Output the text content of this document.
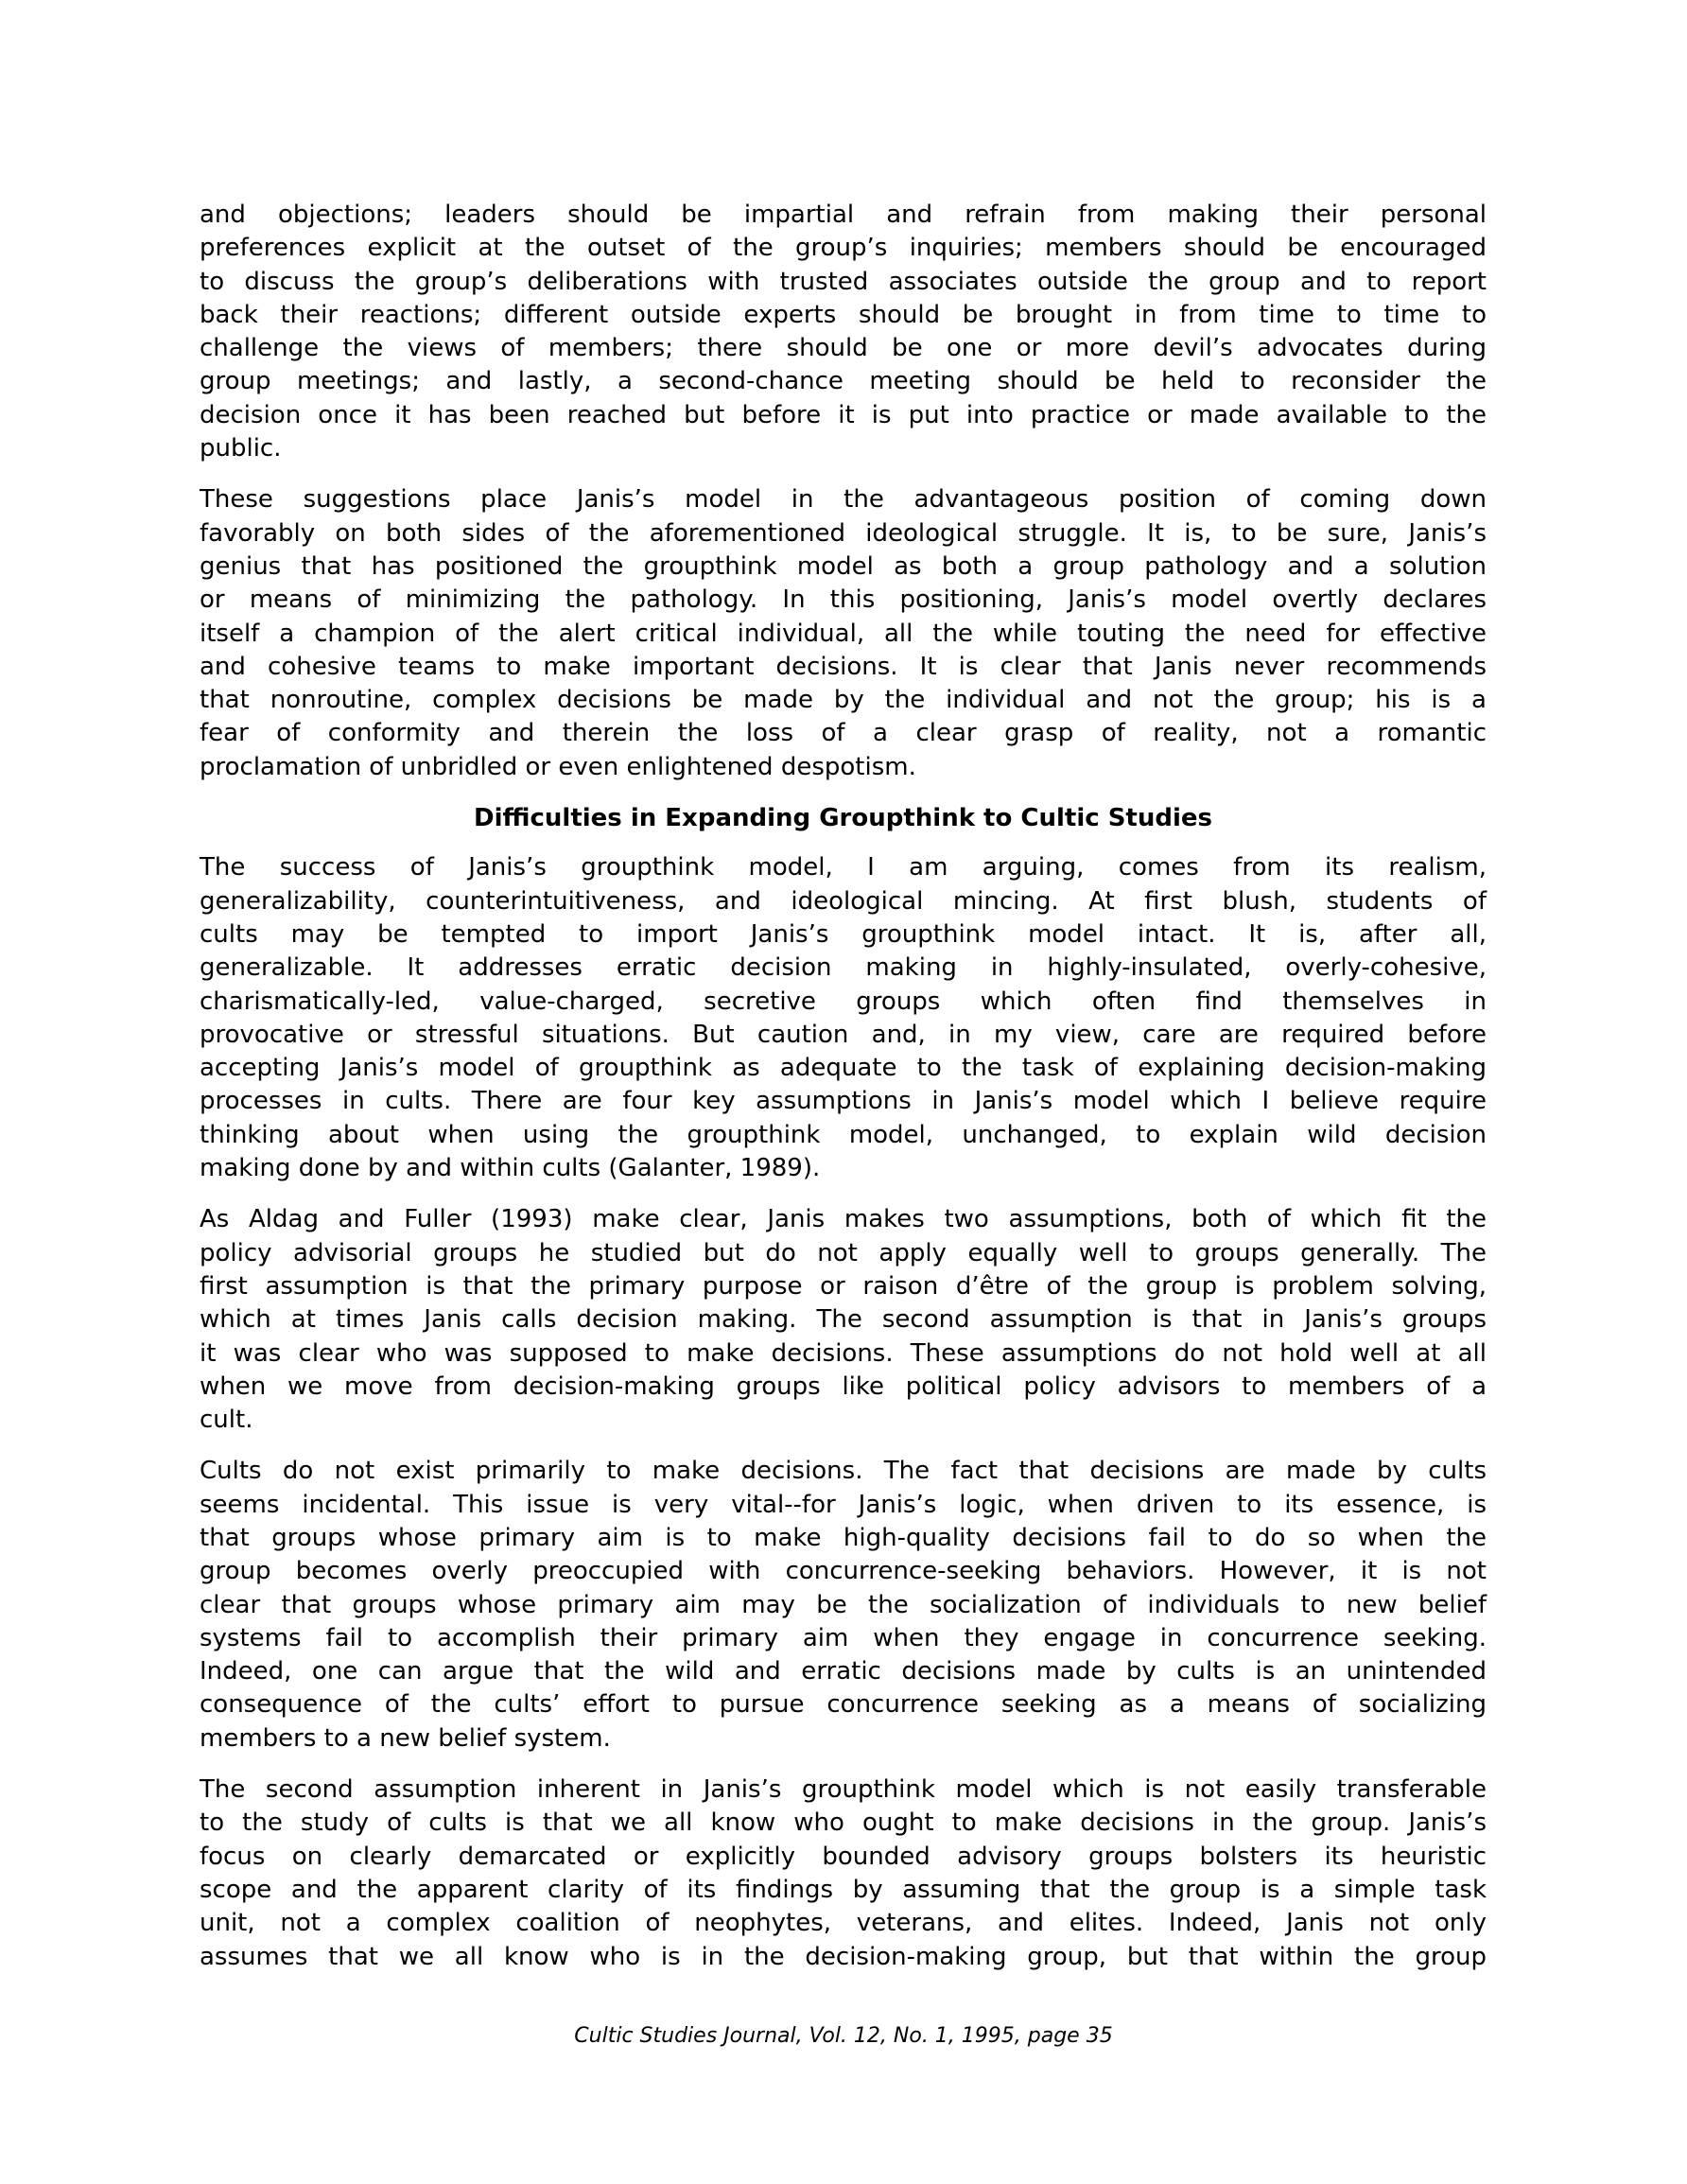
and objections; leaders should be impartial and refrain from making their personal
preferences explicit at the outset of the group’s inquiries; members should be encouraged
to discuss the group’s deliberations with trusted associates outside the group and to report
back their reactions; different outside experts should be brought in from time to time to
challenge the views of members; there should be one or more devil’s advocates during
group meetings; and lastly, a second-chance meeting should be held to reconsider the
decision once it has been reached but before it is put into practice or made available to the
public.

These suggestions place Janis’s model in the advantageous position of coming down
favorably on both sides of the aforementioned ideological struggle. It is, to be sure, Janis’s
genius that has positioned the groupthink model as both a group pathology and a solution
or means of minimizing the pathology. In this positioning, Janis’s model overtly declares
itself a champion of the alert critical individual, all the while touting the need for effective
and cohesive teams to make important decisions. It is clear that Janis never recommends
that nonroutine, complex decisions be made by the individual and not the group; his is a
fear of conformity and therein the loss of a clear grasp of reality, not a romantic
proclamation of unbridled or even enlightened despotism.

Difficulties in Expanding Groupthink to Cultic Studies

The success of Janis’s groupthink model, I am arguing, comes from its realism,
generalizability, counterintuitiveness, and ideological mincing. At first blush, students of
cults may be tempted to import Janis’s groupthink model intact. It is, after all,
generalizable. It addresses erratic decision making in highly-insulated, overly-cohesive,
charismatically-led, value-charged, secretive groups which often find themselves in
provocative or stressful situations. But caution and, in my view, care are required before
accepting Janis’s model of groupthink as adequate to the task of explaining decision-making
processes in cults. There are four key assumptions in Janis’s model which I believe require
thinking about when using the groupthink model, unchanged, to explain wild decision
making done by and within cults (Galanter, 1989).

As Aldag and Fuller (1993) make clear, Janis makes two assumptions, both of which fit the
policy advisorial groups he studied but do not apply equally well to groups generally. The
first assumption is that the primary purpose or raison d’être of the group is problem solving,
which at times Janis calls decision making. The second assumption is that in Janis’s groups
it was clear who was supposed to make decisions. These assumptions do not hold well at all
when we move from decision-making groups like political policy advisors to members of a
cult.

Cults do not exist primarily to make decisions. The fact that decisions are made by cults
seems incidental. This issue is very vital--for Janis’s logic, when driven to its essence, is
that groups whose primary aim is to make high-quality decisions fail to do so when the
group becomes overly preoccupied with concurrence-seeking behaviors. However, it is not
clear that groups whose primary aim may be the socialization of individuals to new belief
systems fail to accomplish their primary aim when they engage in concurrence seeking.
Indeed, one can argue that the wild and erratic decisions made by cults is an unintended
consequence of the cults’ effort to pursue concurrence seeking as a means of socializing
members to a new belief system.

The second assumption inherent in Janis’s groupthink model which is not easily transferable
to the study of cults is that we all know who ought to make decisions in the group. Janis’s
focus on clearly demarcated or explicitly bounded advisory groups bolsters its heuristic
scope and the apparent clarity of its findings by assuming that the group is a simple task
unit, not a complex coalition of neophytes, veterans, and elites. Indeed, Janis not only
assumes that we all know who is in the decision-making group, but that within the group

Cultic Studies Journal, Vol. 12, No. 1, 1995, page 35
